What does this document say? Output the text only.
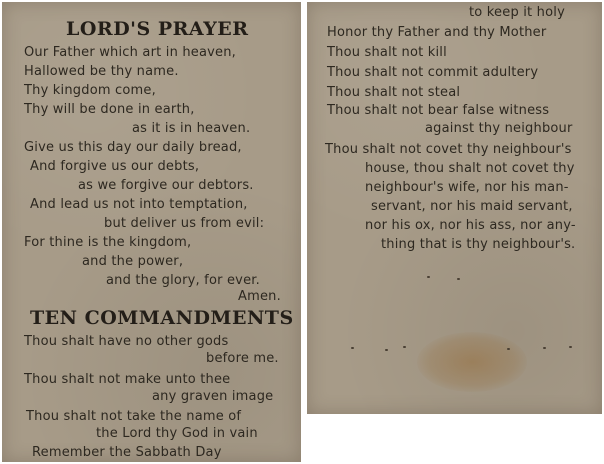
LORD'S PRAYER
Our Father which art in heaven,
Hallowed be thy name.
Thy kingdom come,
Thy will be done in earth,
as it is in heaven.
Give us this day our daily bread,
And forgive us our debts,
as we forgive our debtors.
And lead us not into temptation,
but deliver us from evil:
For thine is the kingdom,
and the power,
and the glory, for ever.
Amen.
TEN COMMANDMENTS
Thou shalt have no other gods
before me.
Thou shalt not make unto thee
any graven image
Thou shalt not take the name of
the Lord thy God in vain
Remember the Sabbath Day
to keep it holy
Honor thy Father and thy Mother
Thou shalt not kill
Thou shalt not commit adultery
Thou shalt not steal
Thou shalt not bear false witness
against thy neighbour
Thou shalt not covet thy neighbour's
house, thou shalt not covet thy
neighbour's wife, nor his man-
servant, nor his maid servant,
nor his ox, nor his ass, nor any-
thing that is thy neighbour's.
